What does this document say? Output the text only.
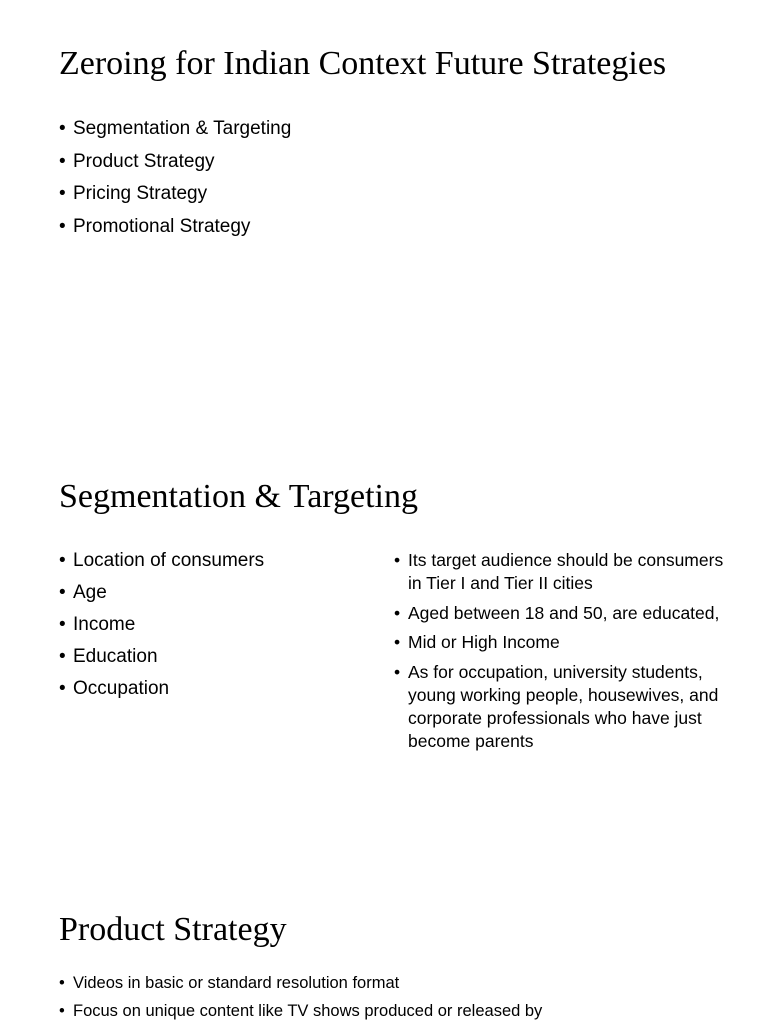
Zeroing for Indian Context Future Strategies
• Segmentation & Targeting
• Product Strategy
• Pricing Strategy
• Promotional Strategy
Segmentation & Targeting
• Location of consumers
• Age
• Income
• Education
• Occupation
• Its target audience should be consumers in Tier I and Tier II cities
• Aged between 18 and 50, are educated,
• Mid or High Income
• As for occupation, university students, young working people, housewives, and corporate professionals who have just become parents
Product Strategy
• Videos in basic or standard resolution format
• Focus on unique content like TV shows produced or released by
